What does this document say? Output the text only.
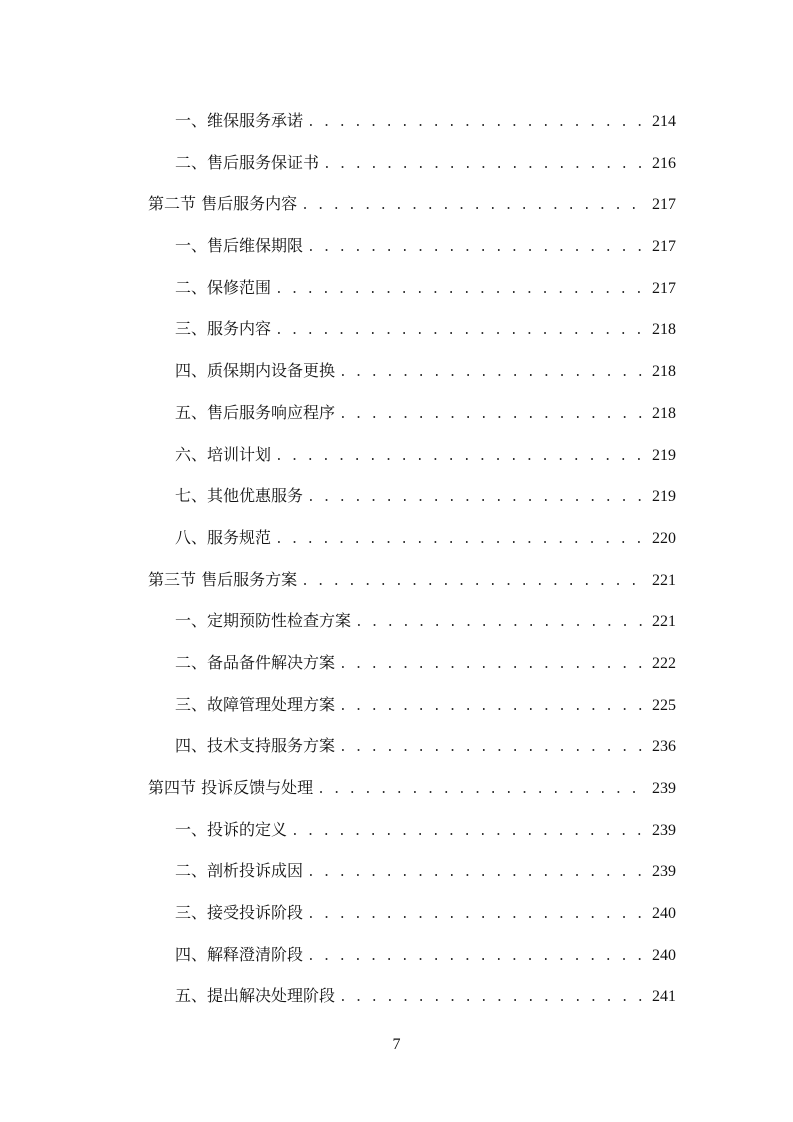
一、维保服务承诺 . . .	214
二、售后服务保证书 . . .	216
第二节 售后服务内容 . . .	217
一、售后维保期限 . . .	217
二、保修范围 . . .	217
三、服务内容 . . .	218
四、质保期内设备更换 . . .	218
五、售后服务响应程序 . . .	218
六、培训计划 . . .	219
七、其他优惠服务 . . .	219
八、服务规范 . . .	220
第三节 售后服务方案 . . .	221
一、定期预防性检查方案 . . .	221
二、备品备件解决方案 . . .	222
三、故障管理处理方案 . . .	225
四、技术支持服务方案 . . .	236
第四节 投诉反馈与处理 . . .	239
一、投诉的定义 . . .	239
二、剖析投诉成因 . . .	239
三、接受投诉阶段 . . .	240
四、解释澄清阶段 . . .	240
五、提出解决处理阶段 . . .	241
7
